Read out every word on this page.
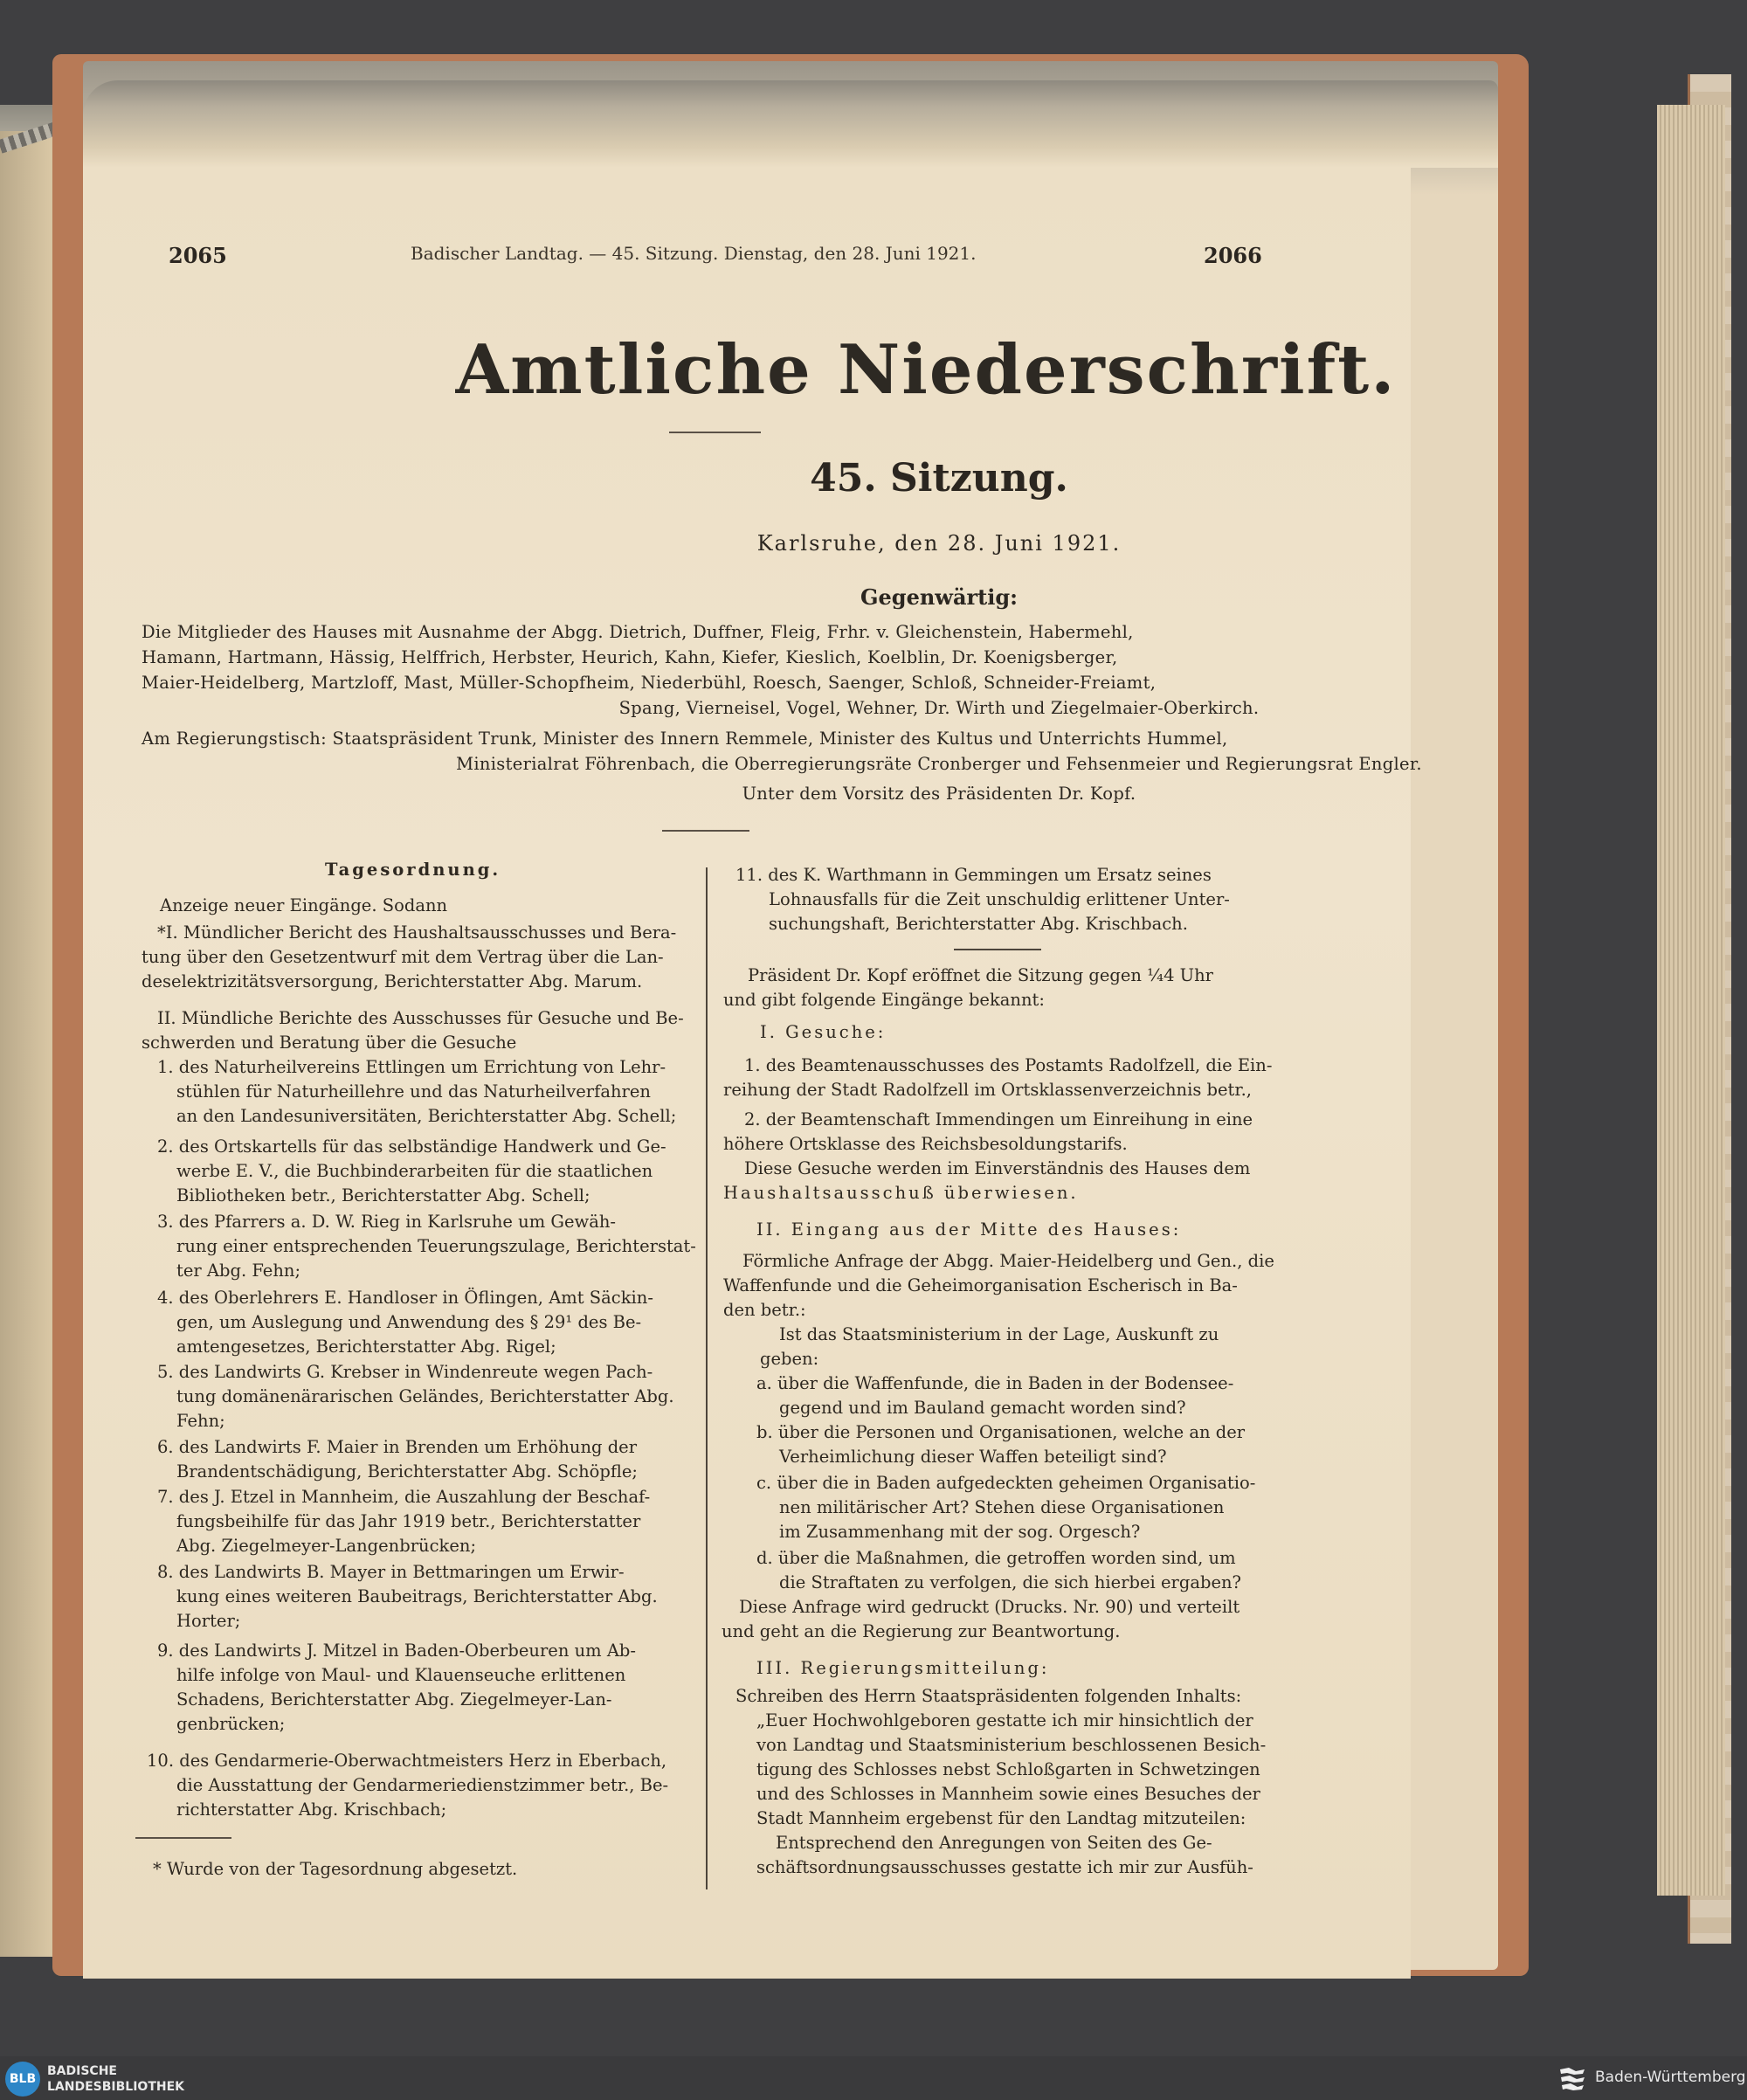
2065	Badischer Landtag. — 45. Sitzung. Dienstag, den 28. Juni 1921.	2066
Amtliche Niederschrift.
45. Sitzung.
Karlsruhe, den 28. Juni 1921.
Gegenwärtig:
Die Mitglieder des Hauses mit Ausnahme der Abgg. Dietrich, Duffner, Fleig, Frhr. v. Gleichenstein, Habermehl,
Hamann, Hartmann, Hässig, Helffrich, Herbster, Heurich, Kahn, Kiefer, Kieslich, Koelblin, Dr. Koenigsberger,
Maier-Heidelberg, Martzloff, Mast, Müller-Schopfheim, Niederbühl, Roesch, Saenger, Schloß, Schneider-Freiamt,
Spang, Vierneisel, Vogel, Wehner, Dr. Wirth und Ziegelmaier-Oberkirch.
Am Regierungstisch: Staatspräsident Trunk, Minister des Innern Remmele, Minister des Kultus und Unterrichts Hummel,
Ministerialrat Föhrenbach, die Oberregierungsräte Cronberger und Fehsenmeier und Regierungsrat Engler.
Unter dem Vorsitz des Präsidenten Dr. Kopf.
Tagesordnung.
Anzeige neuer Eingänge. Sodann
*I. Mündlicher Bericht des Haushaltsausschusses und Bera-
tung über den Gesetzentwurf mit dem Vertrag über die Lan-
deselektrizitätsversorgung, Berichterstatter Abg. Marum.
II. Mündliche Berichte des Ausschusses für Gesuche und Be-
schwerden und Beratung über die Gesuche
1. des Naturheilvereins Ettlingen um Errichtung von Lehr-
stühlen für Naturheillehre und das Naturheilverfahren
an den Landesuniversitäten, Berichterstatter Abg. Schell;
2. des Ortskartells für das selbständige Handwerk und Ge-
werbe E. V., die Buchbinderarbeiten für die staatlichen
Bibliotheken betr., Berichterstatter Abg. Schell;
3. des Pfarrers a. D. W. Rieg in Karlsruhe um Gewäh-
rung einer entsprechenden Teuerungszulage, Berichterstat-
ter Abg. Fehn;
4. des Oberlehrers E. Handloser in Öflingen, Amt Säckin-
gen, um Auslegung und Anwendung des § 29¹ des Be-
amtengesetzes, Berichterstatter Abg. Rigel;
5. des Landwirts G. Krebser in Windenreute wegen Pach-
tung domänenärarischen Geländes, Berichterstatter Abg.
Fehn;
6. des Landwirts F. Maier in Brenden um Erhöhung der
Brandentschädigung, Berichterstatter Abg. Schöpfle;
7. des J. Etzel in Mannheim, die Auszahlung der Beschaf-
fungsbeihilfe für das Jahr 1919 betr., Berichterstatter
Abg. Ziegelmeyer-Langenbrücken;
8. des Landwirts B. Mayer in Bettmaringen um Erwir-
kung eines weiteren Baubeitrags, Berichterstatter Abg.
Horter;
9. des Landwirts J. Mitzel in Baden-Oberbeuren um Ab-
hilfe infolge von Maul- und Klauenseuche erlittenen
Schadens, Berichterstatter Abg. Ziegelmeyer-Lan-
genbrücken;
10. des Gendarmerie-Oberwachtmeisters Herz in Eberbach,
die Ausstattung der Gendarmeriedienstzimmer betr., Be-
richterstatter Abg. Krischbach;
* Wurde von der Tagesordnung abgesetzt.
11. des K. Warthmann in Gemmingen um Ersatz seines
Lohnausfalls für die Zeit unschuldig erlittener Unter-
suchungshaft, Berichterstatter Abg. Krischbach.
Präsident Dr. Kopf eröffnet die Sitzung gegen ¼4 Uhr
und gibt folgende Eingänge bekannt:
I. Gesuche:
1. des Beamtenausschusses des Postamts Radolfzell, die Ein-
reihung der Stadt Radolfzell im Ortsklassenverzeichnis betr.,
2. der Beamtenschaft Immendingen um Einreihung in eine
höhere Ortsklasse des Reichsbesoldungstarifs.
Diese Gesuche werden im Einverständnis des Hauses dem
Haushaltsausschuß überwiesen.
II. Eingang aus der Mitte des Hauses:
Förmliche Anfrage der Abgg. Maier-Heidelberg und Gen., die
Waffenfunde und die Geheimorganisation Escherisch in Ba-
den betr.:
Ist das Staatsministerium in der Lage, Auskunft zu
geben:
a. über die Waffenfunde, die in Baden in der Bodensee-
gegend und im Bauland gemacht worden sind?
b. über die Personen und Organisationen, welche an der
Verheimlichung dieser Waffen beteiligt sind?
c. über die in Baden aufgedeckten geheimen Organisatio-
nen militärischer Art? Stehen diese Organisationen
im Zusammenhang mit der sog. Orgesch?
d. über die Maßnahmen, die getroffen worden sind, um
die Straftaten zu verfolgen, die sich hierbei ergaben?
Diese Anfrage wird gedruckt (Drucks. Nr. 90) und verteilt
und geht an die Regierung zur Beantwortung.
III. Regierungsmitteilung:
Schreiben des Herrn Staatspräsidenten folgenden Inhalts:
„Euer Hochwohlgeboren gestatte ich mir hinsichtlich der
von Landtag und Staatsministerium beschlossenen Besich-
tigung des Schlosses nebst Schloßgarten in Schwetzingen
und des Schlosses in Mannheim sowie eines Besuches der
Stadt Mannheim ergebenst für den Landtag mitzuteilen:
Entsprechend den Anregungen von Seiten des Ge-
schäftsordnungsausschusses gestatte ich mir zur Ausfüh-
BLB
BADISCHE
LANDESBIBLIOTHEK
Baden-Württemberg
